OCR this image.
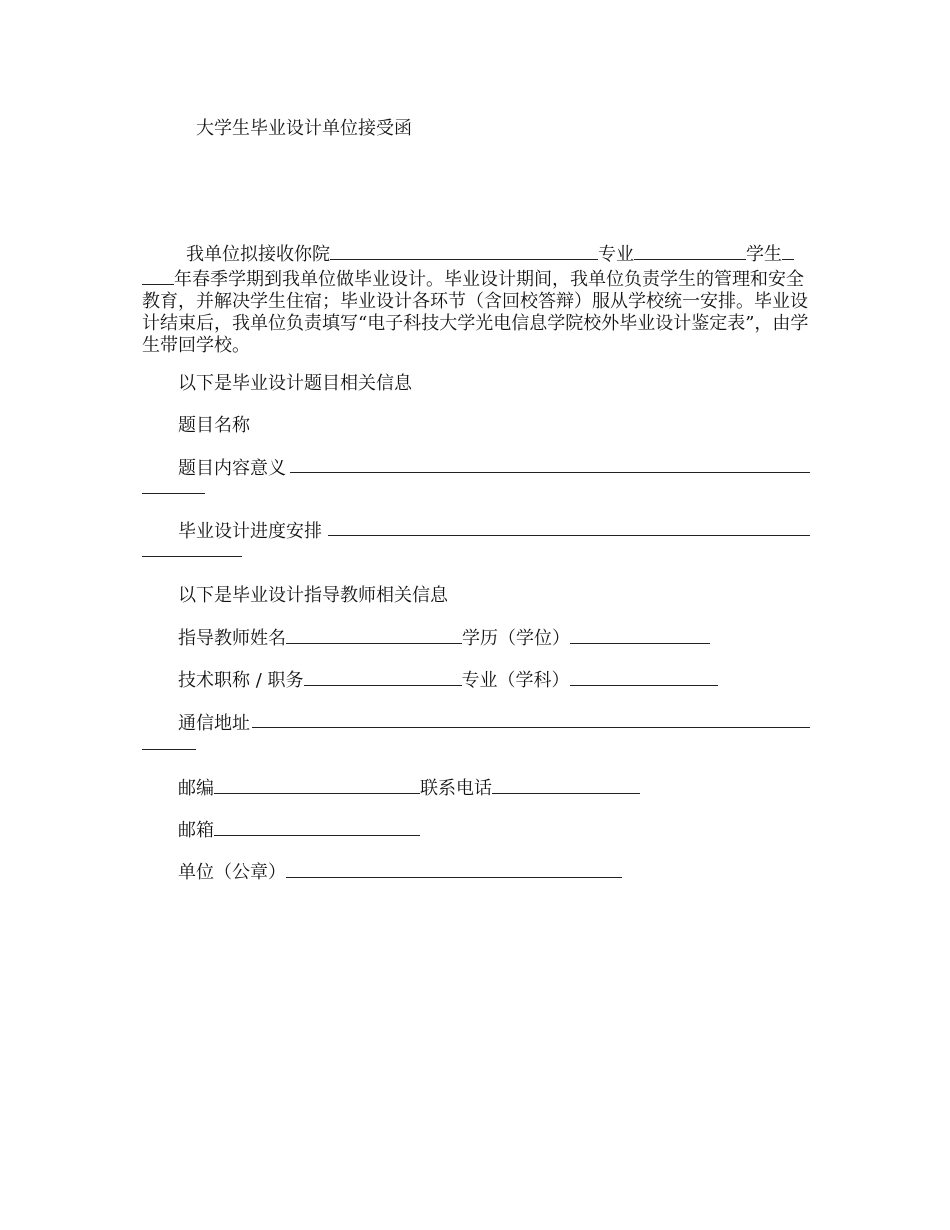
大学生毕业设计单位接受函
我单位拟接收你院	专业	学生年春季学期到我单位做毕业设计。毕业设计期间，我单位负责学生的管理和安全教育，并解决学生住宿；毕业设计各环节（含回校答辩）服从学校统一安排。毕业设计结束后，我单位负责填写“电子科技大学光电信息学院校外毕业设计鉴定表”，由学生带回学校。
以下是毕业设计题目相关信息
题目名称
题目内容意义
毕业设计进度安排
以下是毕业设计指导教师相关信息
指导教师姓名	学历（学位）
技术职称 / 职务	专业（学科）
通信地址
邮编	联系电话
邮箱
单位（公章）
